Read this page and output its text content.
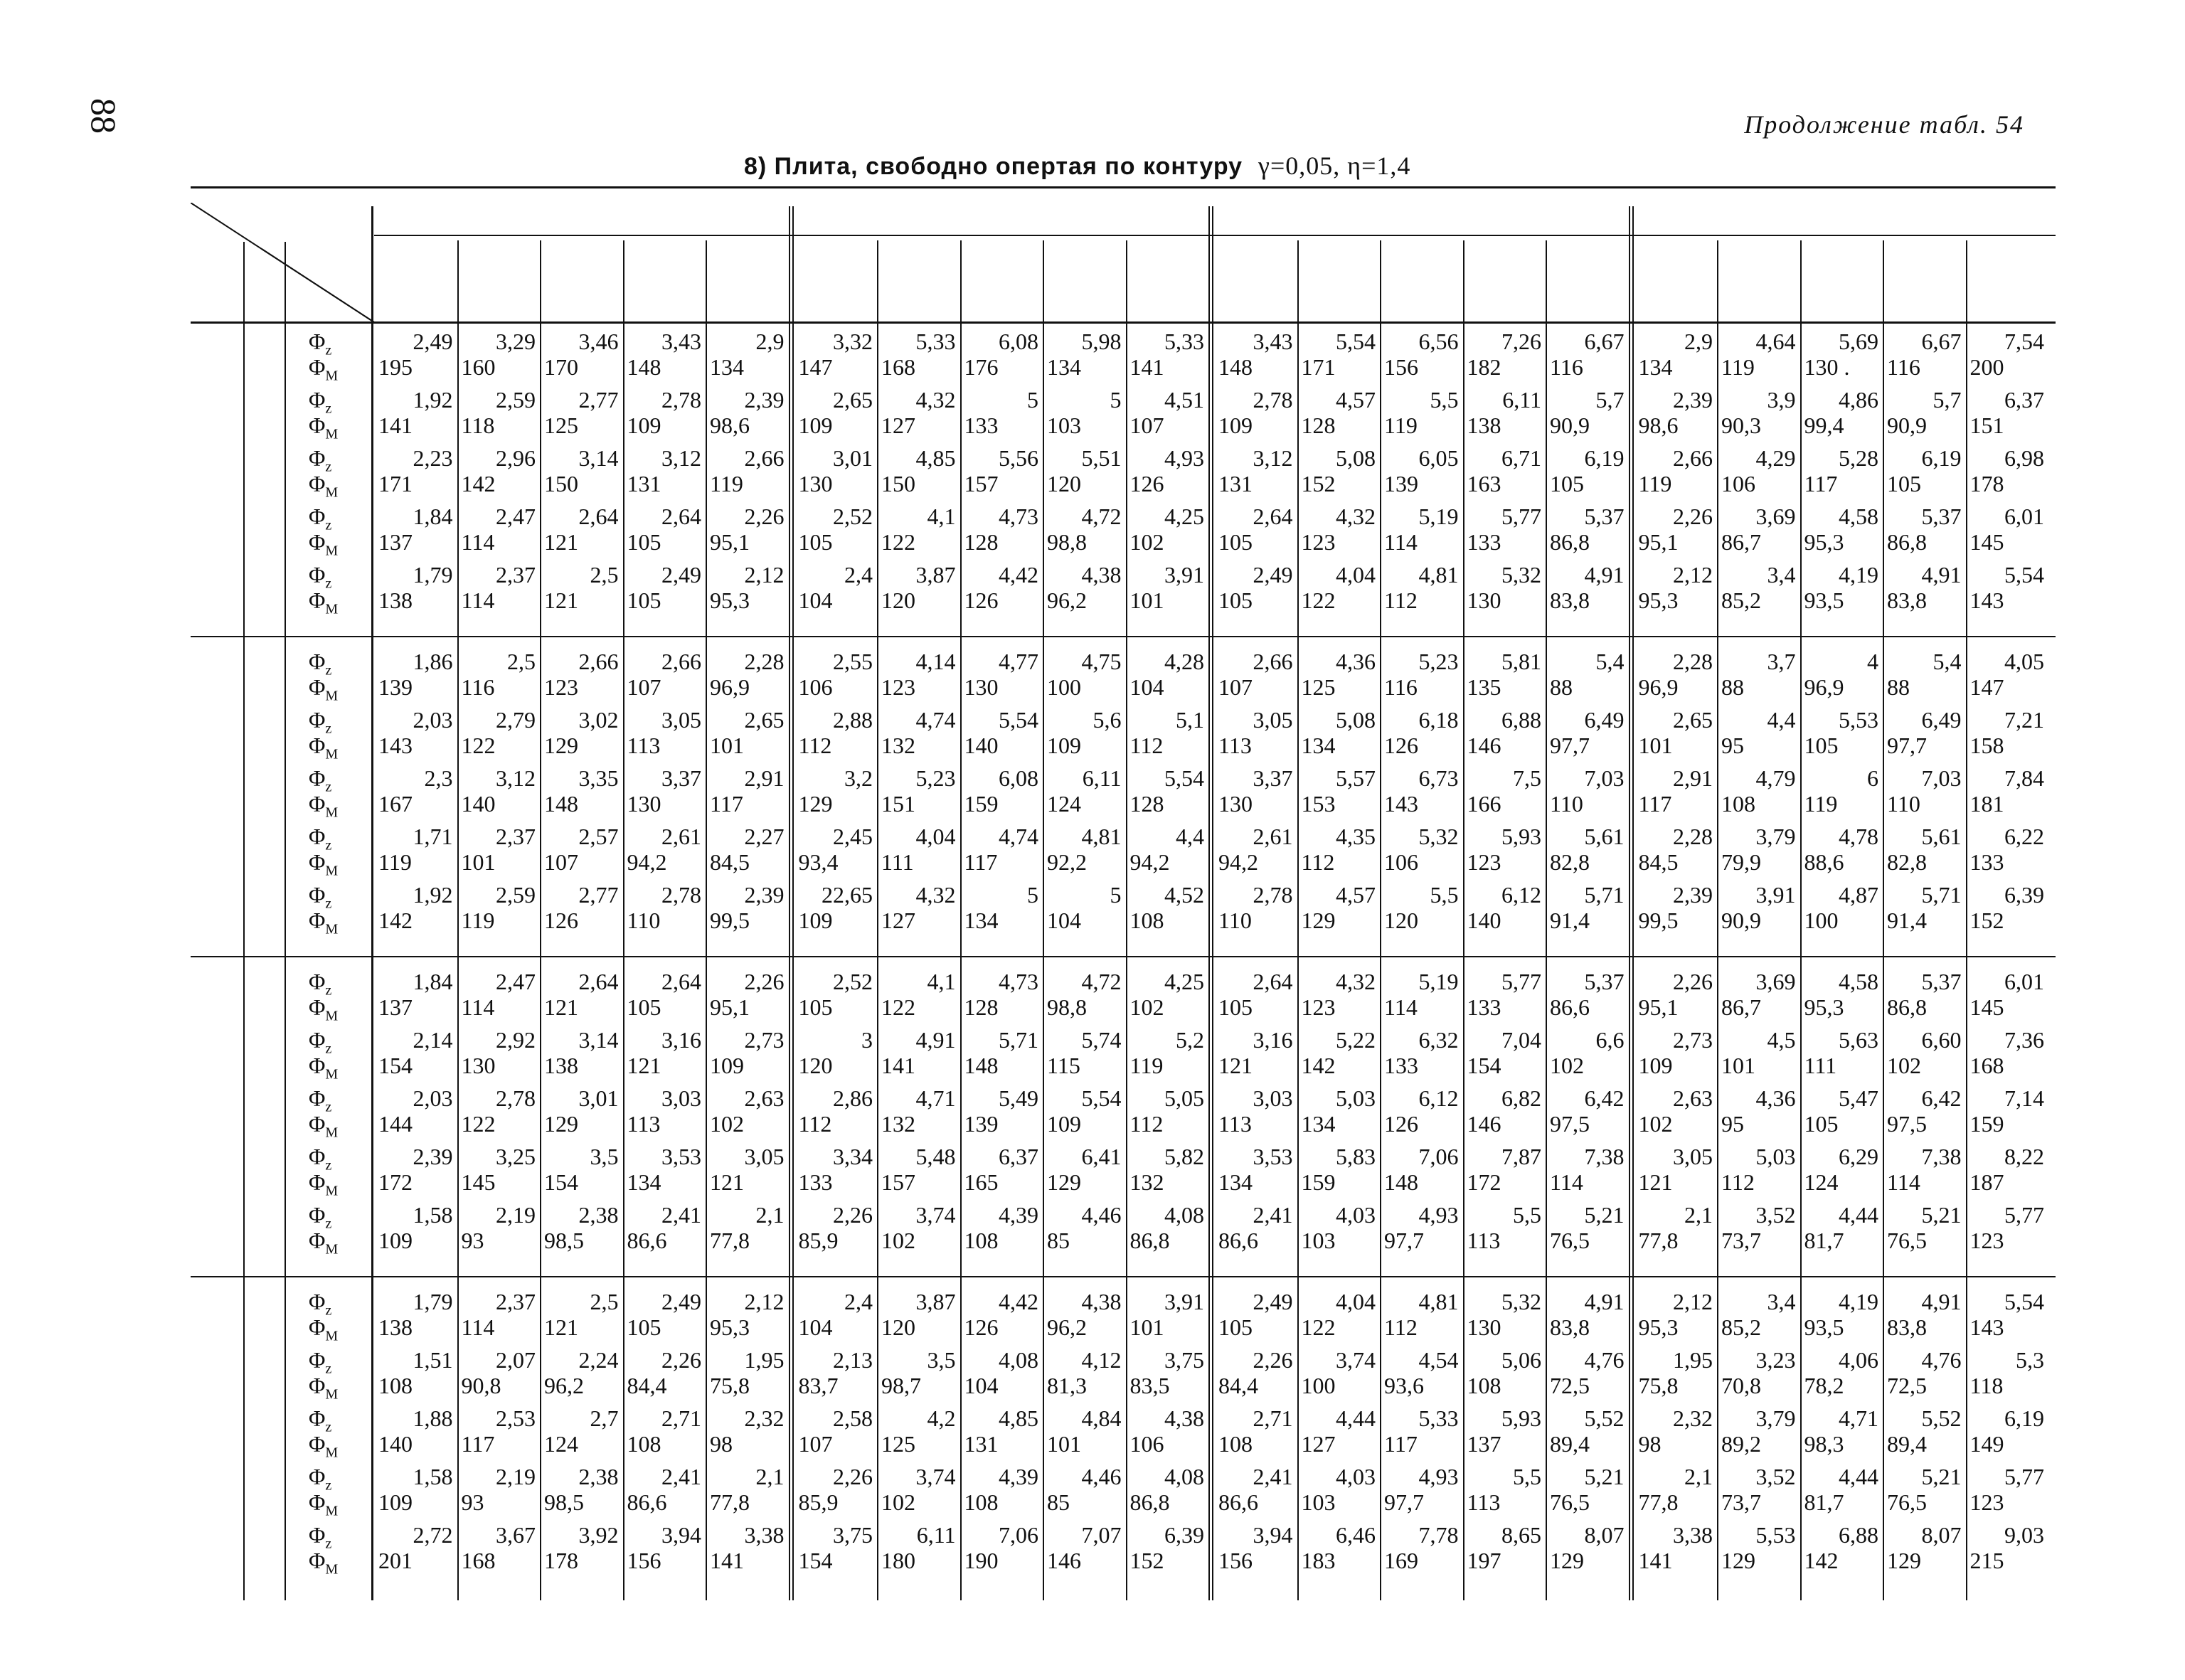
88	Продолжение табл. 54
8) Плита, свободно опертая по контуру γ=0,05, η=1,4
$\Phi_z$
$\Phi_M$
2,49
195
3,29
160
3,46
170
3,43
148
2,9
134
3,32
147
5,33
168
6,08
176
5,98
134
5,33
141
3,43
148
5,54
171
6,56
156
7,26
182
6,67
116
2,9
134
4,64
119
5,69
130 .
6,67
116
7,54
200
$\Phi_z$
$\Phi_M$
1,92
141
2,59
118
2,77
125
2,78
109
2,39
98,6
2,65
109
4,32
127
5
133
5
103
4,51
107
2,78
109
4,57
128
5,5
119
6,11
138
5,7
90,9
2,39
98,6
3,9
90,3
4,86
99,4
5,7
90,9
6,37
151
$\Phi_z$
$\Phi_M$
2,23
171
2,96
142
3,14
150
3,12
131
2,66
119
3,01
130
4,85
150
5,56
157
5,51
120
4,93
126
3,12
131
5,08
152
6,05
139
6,71
163
6,19
105
2,66
119
4,29
106
5,28
117
6,19
105
6,98
178
$\Phi_z$
$\Phi_M$
1,84
137
2,47
114
2,64
121
2,64
105
2,26
95,1
2,52
105
4,1
122
4,73
128
4,72
98,8
4,25
102
2,64
105
4,32
123
5,19
114
5,77
133
5,37
86,8
2,26
95,1
3,69
86,7
4,58
95,3
5,37
86,8
6,01
145
$\Phi_z$
$\Phi_M$
1,79
138
2,37
114
2,5
121
2,49
105
2,12
95,3
2,4
104
3,87
120
4,42
126
4,38
96,2
3,91
101
2,49
105
4,04
122
4,81
112
5,32
130
4,91
83,8
2,12
95,3
3,4
85,2
4,19
93,5
4,91
83,8
5,54
143
$\Phi_z$
$\Phi_M$
1,86
139
2,5
116
2,66
123
2,66
107
2,28
96,9
2,55
106
4,14
123
4,77
130
4,75
100
4,28
104
2,66
107
4,36
125
5,23
116
5,81
135
5,4
88
2,28
96,9
3,7
88
4
96,9
5,4
88
4,05
147
$\Phi_z$
$\Phi_M$
2,03
143
2,79
122
3,02
129
3,05
113
2,65
101
2,88
112
4,74
132
5,54
140
5,6
109
5,1
112
3,05
113
5,08
134
6,18
126
6,88
146
6,49
97,7
2,65
101
4,4
95
5,53
105
6,49
97,7
7,21
158
$\Phi_z$
$\Phi_M$
2,3
167
3,12
140
3,35
148
3,37
130
2,91
117
3,2
129
5,23
151
6,08
159
6,11
124
5,54
128
3,37
130
5,57
153
6,73
143
7,5
166
7,03
110
2,91
117
4,79
108
6
119
7,03
110
7,84
181
$\Phi_z$
$\Phi_M$
1,71
119
2,37
101
2,57
107
2,61
94,2
2,27
84,5
2,45
93,4
4,04
111
4,74
117
4,81
92,2
4,4
94,2
2,61
94,2
4,35
112
5,32
106
5,93
123
5,61
82,8
2,28
84,5
3,79
79,9
4,78
88,6
5,61
82,8
6,22
133
$\Phi_z$
$\Phi_M$
1,92
142
2,59
119
2,77
126
2,78
110
2,39
99,5
22,65
109
4,32
127
5
134
5
104
4,52
108
2,78
110
4,57
129
5,5
120
6,12
140
5,71
91,4
2,39
99,5
3,91
90,9
4,87
100
5,71
91,4
6,39
152
$\Phi_z$
$\Phi_M$
1,84
137
2,47
114
2,64
121
2,64
105
2,26
95,1
2,52
105
4,1
122
4,73
128
4,72
98,8
4,25
102
2,64
105
4,32
123
5,19
114
5,77
133
5,37
86,6
2,26
95,1
3,69
86,7
4,58
95,3
5,37
86,8
6,01
145
$\Phi_z$
$\Phi_M$
2,14
154
2,92
130
3,14
138
3,16
121
2,73
109
3
120
4,91
141
5,71
148
5,74
115
5,2
119
3,16
121
5,22
142
6,32
133
7,04
154
6,6
102
2,73
109
4,5
101
5,63
111
6,60
102
7,36
168
$\Phi_z$
$\Phi_M$
2,03
144
2,78
122
3,01
129
3,03
113
2,63
102
2,86
112
4,71
132
5,49
139
5,54
109
5,05
112
3,03
113
5,03
134
6,12
126
6,82
146
6,42
97,5
2,63
102
4,36
95
5,47
105
6,42
97,5
7,14
159
$\Phi_z$
$\Phi_M$
2,39
172
3,25
145
3,5
154
3,53
134
3,05
121
3,34
133
5,48
157
6,37
165
6,41
129
5,82
132
3,53
134
5,83
159
7,06
148
7,87
172
7,38
114
3,05
121
5,03
112
6,29
124
7,38
114
8,22
187
$\Phi_z$
$\Phi_M$
1,58
109
2,19
93
2,38
98,5
2,41
86,6
2,1
77,8
2,26
85,9
3,74
102
4,39
108
4,46
85
4,08
86,8
2,41
86,6
4,03
103
4,93
97,7
5,5
113
5,21
76,5
2,1
77,8
3,52
73,7
4,44
81,7
5,21
76,5
5,77
123
$\Phi_z$
$\Phi_M$
1,79
138
2,37
114
2,5
121
2,49
105
2,12
95,3
2,4
104
3,87
120
4,42
126
4,38
96,2
3,91
101
2,49
105
4,04
122
4,81
112
5,32
130
4,91
83,8
2,12
95,3
3,4
85,2
4,19
93,5
4,91
83,8
5,54
143
$\Phi_z$
$\Phi_M$
1,51
108
2,07
90,8
2,24
96,2
2,26
84,4
1,95
75,8
2,13
83,7
3,5
98,7
4,08
104
4,12
81,3
3,75
83,5
2,26
84,4
3,74
100
4,54
93,6
5,06
108
4,76
72,5
1,95
75,8
3,23
70,8
4,06
78,2
4,76
72,5
5,3
118
$\Phi_z$
$\Phi_M$
1,88
140
2,53
117
2,7
124
2,71
108
2,32
98
2,58
107
4,2
125
4,85
131
4,84
101
4,38
106
2,71
108
4,44
127
5,33
117
5,93
137
5,52
89,4
2,32
98
3,79
89,2
4,71
98,3
5,52
89,4
6,19
149
$\Phi_z$
$\Phi_M$
1,58
109
2,19
93
2,38
98,5
2,41
86,6
2,1
77,8
2,26
85,9
3,74
102
4,39
108
4,46
85
4,08
86,8
2,41
86,6
4,03
103
4,93
97,7
5,5
113
5,21
76,5
2,1
77,8
3,52
73,7
4,44
81,7
5,21
76,5
5,77
123
$\Phi_z$
$\Phi_M$
2,72
201
3,67
168
3,92
178
3,94
156
3,38
141
3,75
154
6,11
180
7,06
190
7,07
146
6,39
152
3,94
156
6,46
183
7,78
169
8,65
197
8,07
129
3,38
141
5,53
129
6,88
142
8,07
129
9,03
215
